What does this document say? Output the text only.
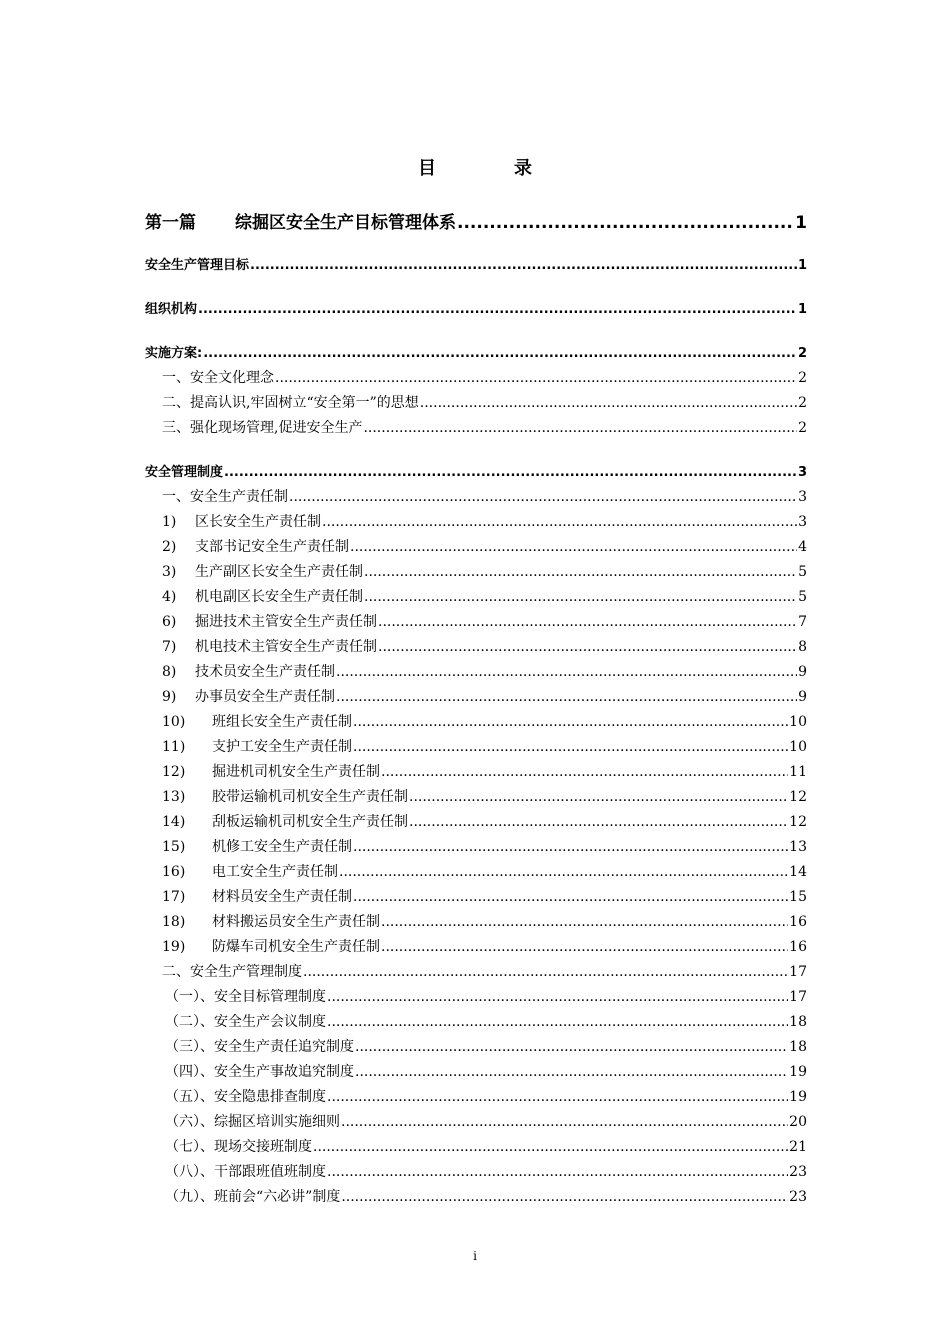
目　录
第一篇	综掘区安全生产目标管理体系 .....	1
安全生产管理目标 .....	1
组织机构 .....	1
实施方案: .....	2
一、安全文化理念 .....	2
二、提高认识,牢固树立“安全第一”的思想 .....	2
三、强化现场管理,促进安全生产 .....	2
安全管理制度 .....	3
一、安全生产责任制 .....	3
1)	区长安全生产责任制 .....	3
2)	支部书记安全生产责任制 .....	4
3)	生产副区长安全生产责任制 .....	5
4)	机电副区长安全生产责任制 .....	5
6)	掘进技术主管安全生产责任制 .....	7
7)	机电技术主管安全生产责任制 .....	8
8)	技术员安全生产责任制 .....	9
9)	办事员安全生产责任制 .....	9
10)	班组长安全生产责任制 .....	10
11)	支护工安全生产责任制 .....	10
12)	掘进机司机安全生产责任制 .....	11
13)	胶带运输机司机安全生产责任制 .....	12
14)	刮板运输机司机安全生产责任制 .....	12
15)	机修工安全生产责任制 .....	13
16)	电工安全生产责任制 .....	14
17)	材料员安全生产责任制 .....	15
18)	材料搬运员安全生产责任制 .....	16
19)	防爆车司机安全生产责任制 .....	16
二、安全生产管理制度 .....	17
（一）、安全目标管理制度 .....	17
（二）、安全生产会议制度 .....	18
（三）、安全生产责任追究制度 .....	18
（四）、安全生产事故追究制度 .....	19
（五）、安全隐患排查制度 .....	19
（六）、综掘区培训实施细则 .....	20
（七）、现场交接班制度 .....	21
（八）、干部跟班值班制度 .....	23
（九）、班前会“六必讲”制度 .....	23
i
